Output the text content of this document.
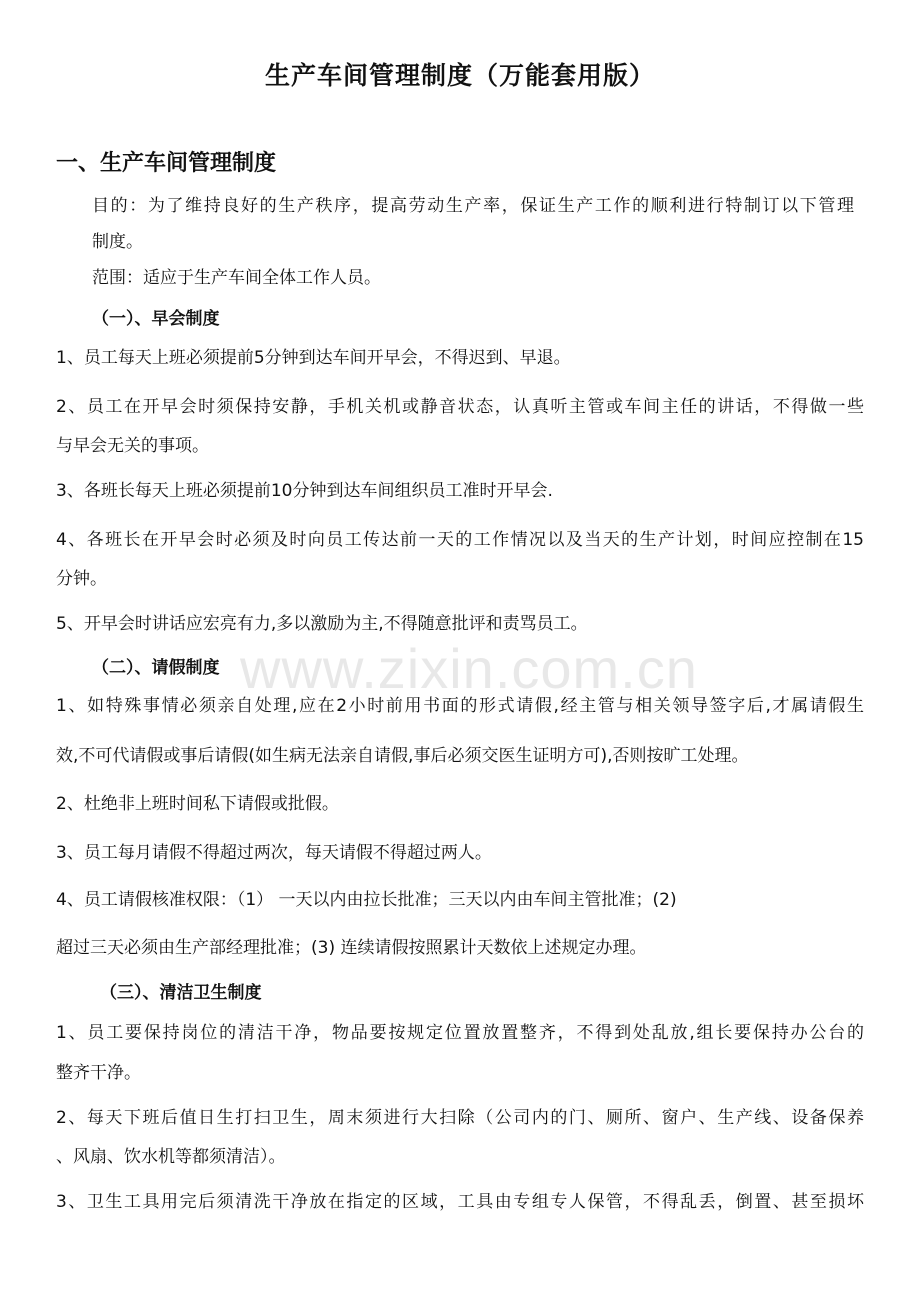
生产车间管理制度（万能套用版）
一、生产车间管理制度
目的：为了维持良好的生产秩序，提高劳动生产率，保证生产工作的顺利进行特制订以下管理
制度。
范围：适应于生产车间全体工作人员。
（一）、早会制度
1、员工每天上班必须提前5分钟到达车间开早会，不得迟到、早退。
2、员工在开早会时须保持安静，手机关机或静音状态，认真听主管或车间主任的讲话，不得做一些
与早会无关的事项。
3、各班长每天上班必须提前10分钟到达车间组织员工准时开早会.
4、各班长在开早会时必须及时向员工传达前一天的工作情况以及当天的生产计划，时间应控制在15
分钟。
5、开早会时讲话应宏亮有力,多以激励为主,不得随意批评和责骂员工。
（二）、请假制度
1、如特殊事情必须亲自处理,应在2小时前用书面的形式请假,经主管与相关领导签字后,才属请假生
效,不可代请假或事后请假(如生病无法亲自请假,事后必须交医生证明方可),否则按旷工处理。
2、杜绝非上班时间私下请假或批假。
3、员工每月请假不得超过两次，每天请假不得超过两人。
4、员工请假核准权限：（1） 一天以内由拉长批准；三天以内由车间主管批准；(2)
超过三天必须由生产部经理批准；(3) 连续请假按照累计天数依上述规定办理。
（三）、清洁卫生制度
1、员工要保持岗位的清洁干净，物品要按规定位置放置整齐，不得到处乱放,组长要保持办公台的
整齐干净。
2、每天下班后值日生打扫卫生，周末须进行大扫除（公司内的门、厕所、窗户、生产线、设备保养
、风扇、饮水机等都须清洁）。
3、卫生工具用完后须清洗干净放在指定的区域，工具由专组专人保管，不得乱丢，倒置、甚至损坏
www.zixin.com.cn
